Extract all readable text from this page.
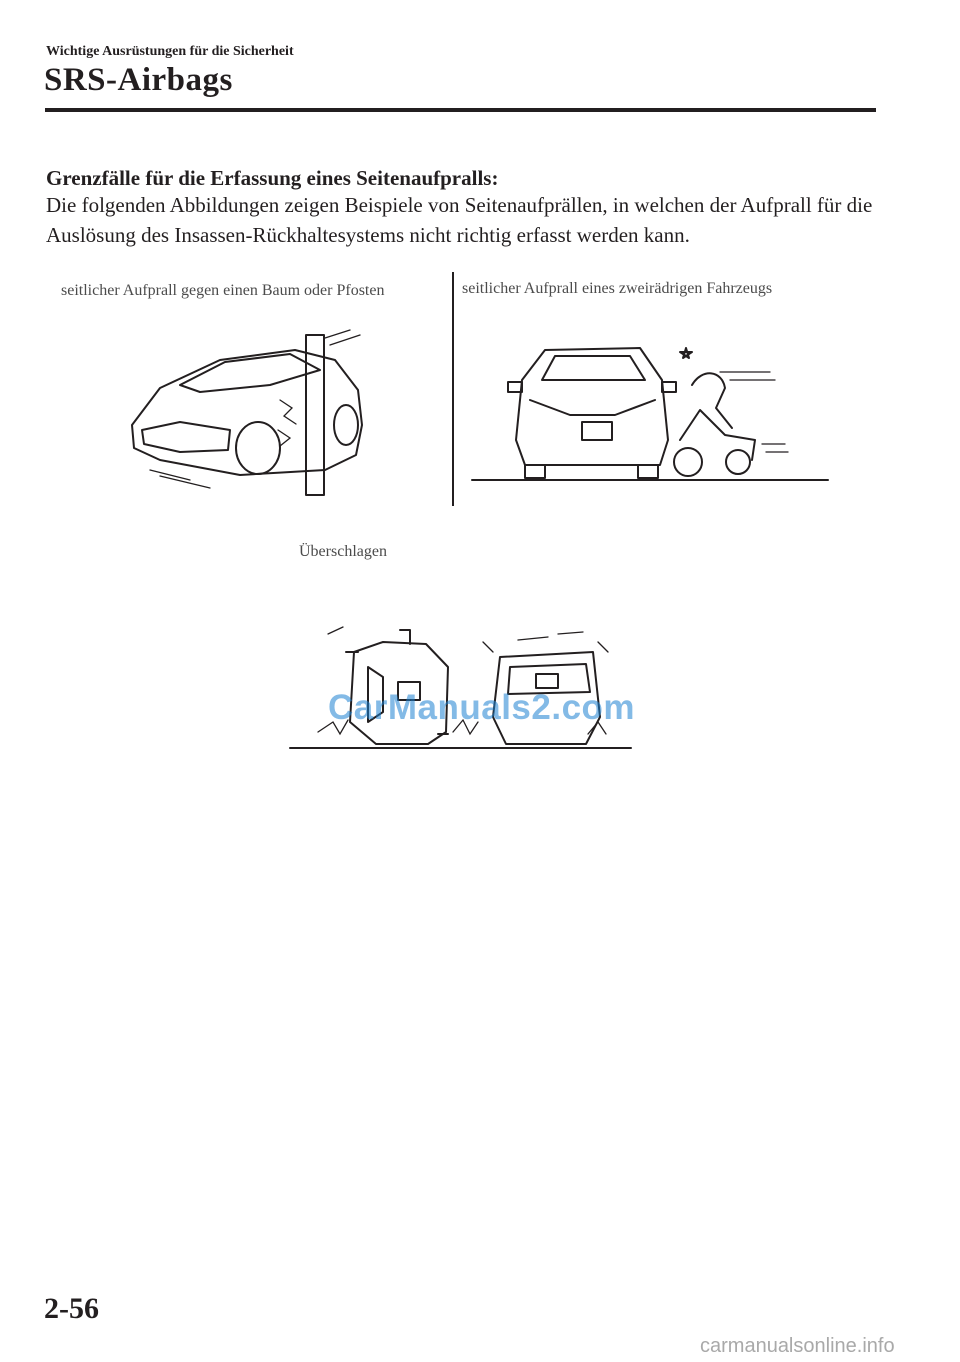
Wichtige Ausrüstungen für die Sicherheit
SRS-Airbags
Grenzfälle für die Erfassung eines Seitenaufpralls:
Die folgenden Abbildungen zeigen Beispiele von Seitenaufprällen, in welchen der Aufprall für die Auslösung des Insassen-Rückhaltesystems nicht richtig erfasst werden kann.
seitlicher Aufprall gegen einen Baum oder Pfosten	seitlicher Aufprall eines zweirädrigen Fahrzeugs
Überschlagen
CarManuals2.com
2-56
carmanualsonline.info
